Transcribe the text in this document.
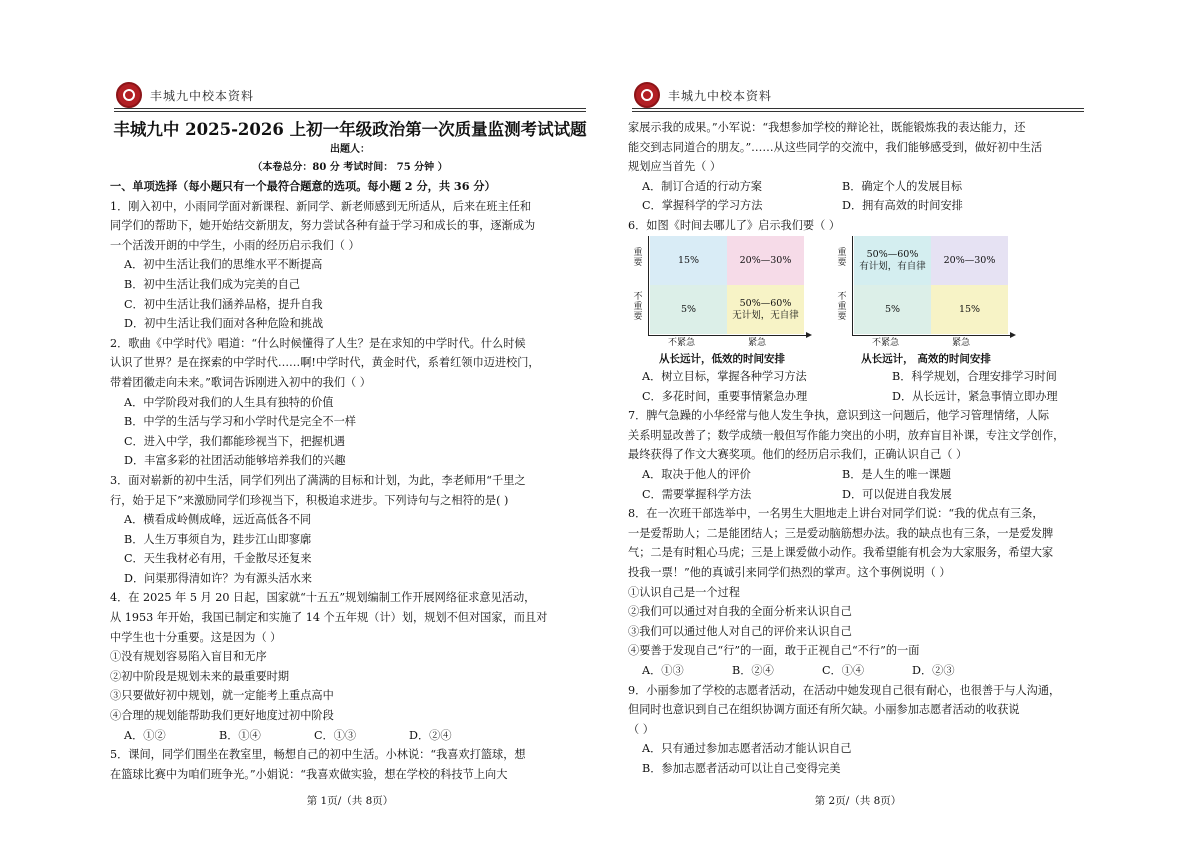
丰城九中校本资料
丰城九中 2025-2026 上初一年级政治第一次质量监测考试试题
出题人：
（本卷总分：80 分 考试时间： 75 分钟 ）
一、单项选择（每小题只有一个最符合题意的选项。每小题 2 分，共 36 分）
1．刚入初中，小雨同学面对新课程、新同学、新老师感到无所适从，后来在班主任和
同学们的帮助下，她开始结交新朋友，努力尝试各种有益于学习和成长的事，逐渐成为
一个活泼开朗的中学生，小雨的经历启示我们（ ）
A．初中生活让我们的思维水平不断提高
B．初中生活让我们成为完美的自己
C．初中生活让我们涵养品格，提升自我
D．初中生活让我们面对各种危险和挑战
2．歌曲《中学时代》唱道：“什么时候懂得了人生？是在求知的中学时代。什么时候
认识了世界？是在探索的中学时代……啊!中学时代，黄金时代，系着红领巾迈进校门，
带着团徽走向未来。”歌词告诉刚进入初中的我们（ ）
A．中学阶段对我们的人生具有独特的价值
B．中学的生活与学习和小学时代是完全不一样
C．进入中学，我们都能珍视当下，把握机遇
D．丰富多彩的社团活动能够培养我们的兴趣
3．面对崭新的初中生活，同学们列出了满满的目标和计划，为此，李老师用“千里之
行，始于足下”来激励同学们珍视当下，积极追求进步。下列诗句与之相符的是( )
A．横看成岭侧成峰，远近高低各不同
B．人生万事须自为，跬步江山即寥廓
C．天生我材必有用，千金散尽还复来
D．问渠那得清如许？为有源头活水来
4．在 2025 年 5 月 20 日起，国家就“十五五”规划编制工作开展网络征求意见活动，
从 1953 年开始，我国已制定和实施了 14 个五年规（计）划，规划不但对国家，而且对
中学生也十分重要。这是因为（ ）
①没有规划容易陷入盲目和无序
②初中阶段是规划未来的最重要时期
③只要做好初中规划，就一定能考上重点高中
④合理的规划能帮助我们更好地度过初中阶段
A．①②	B．①④	C．①③	D．②④
5．课间，同学们围坐在教室里，畅想自己的初中生活。小林说：“我喜欢打篮球，想
在篮球比赛中为咱们班争光。”小娟说：“我喜欢做实验，想在学校的科技节上向大
第 1页/（共 8页）
丰城九中校本资料
家展示我的成果。”小军说：“我想参加学校的辩论社，既能锻炼我的表达能力，还
能交到志同道合的朋友。”……从这些同学的交流中，我们能够感受到，做好初中生活
规划应当首先（ ）
A．制订合适的行动方案	B．确定个人的发展目标
C．掌握科学的学习方法	D．拥有高效的时间安排
6．如图《时间去哪儿了》启示我们要（ ）
重
要
不
重
要
15%	20%—30%
5%
50%—60%
无计划，无自律
不紧急	紧急
从长远计，低效的时间安排
重
要
不
重
要
50%—60%
有计划，有自律
20%—30%
5%	15%
不紧急	紧急
从长远计， 高效的时间安排
A．树立目标，掌握各种学习方法	B．科学规划，合理安排学习时间
C．多花时间，重要事情紧急办理	D．从长远计，紧急事情立即办理
7．脾气急躁的小华经常与他人发生争执，意识到这一问题后，他学习管理情绪，人际
关系明显改善了；数学成绩一般但写作能力突出的小明，放弃盲目补课，专注文学创作，
最终获得了作文大赛奖项。他们的经历启示我们，正确认识自己（ ）
A．取决于他人的评价	B．是人生的唯一课题
C．需要掌握科学方法	D．可以促进自我发展
8．在一次班干部选举中，一名男生大胆地走上讲台对同学们说：“我的优点有三条，
一是爱帮助人；二是能团结人；三是爱动脑筋想办法。我的缺点也有三条，一是爱发脾
气；二是有时粗心马虎；三是上课爱做小动作。我希望能有机会为大家服务，希望大家
投我一票！”他的真诚引来同学们热烈的掌声。这个事例说明（ ）
①认识自己是一个过程
②我们可以通过对自我的全面分析来认识自己
③我们可以通过他人对自己的评价来认识自己
④要善于发现自己“行”的一面，敢于正视自己“不行”的一面
A．①③	B．②④	C．①④	D．②③
9．小丽参加了学校的志愿者活动，在活动中她发现自己很有耐心，也很善于与人沟通，
但同时也意识到自己在组织协调方面还有所欠缺。小丽参加志愿者活动的收获说
（ ）
A．只有通过参加志愿者活动才能认识自己
B．参加志愿者活动可以让自己变得完美
第 2页/（共 8页）
